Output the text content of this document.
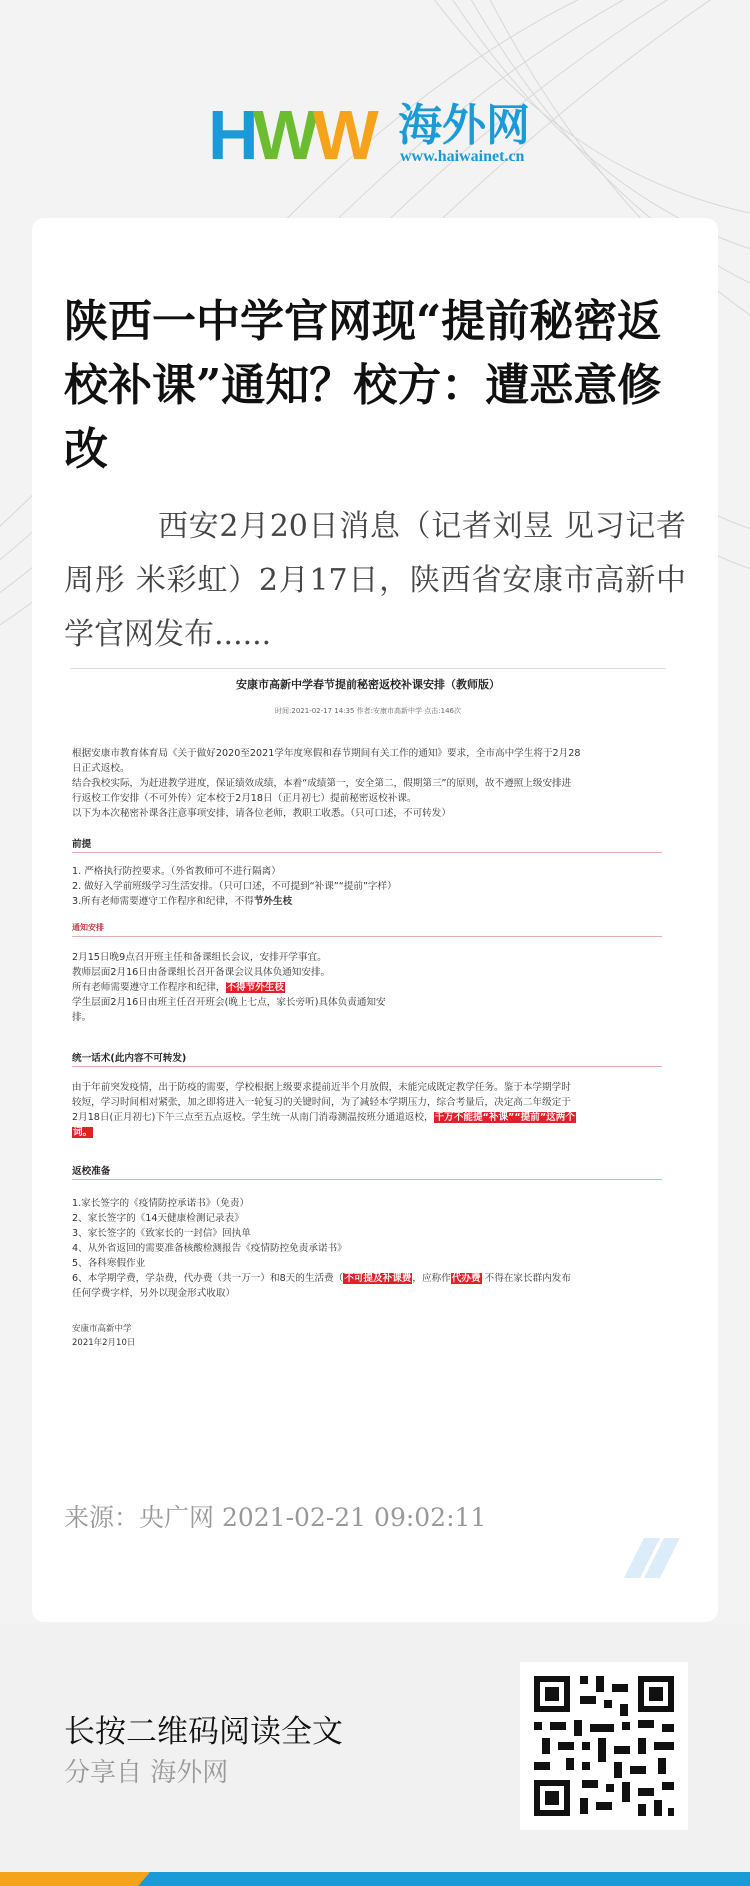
HWW 海外网
www.haiwainet.cn
陕西一中学官网现“提前秘密返校补课”通知？校方：遭恶意修改

西安2月20日消息（记者刘昱 见习记者周彤 米彩虹）2月17日，陕西省安康市高新中学官网发布......

安康市高新中学春节提前秘密返校补课安排（教师版）
时间:2021-02-17 14:35 作者:安康市高新中学 点击:146次
根据安康市教育体育局《关于做好2020至2021学年度寒假和春节期间有关工作的通知》要求，全市高中学生将于2月28
日正式返校。
结合我校实际，为赶进教学进度，保证绩效成绩，本着“成绩第一，安全第二，假期第三”的原则，故不遵照上级安排进
行返校工作安排（不可外传）定本校于2月18日（正月初七）提前秘密返校补课。
以下为本次秘密补课各注意事项安排，请各位老师，教职工收悉。（只可口述，不可转发）
前提
1. 严格执行防控要求。（外省教师可不进行隔离）
2. 做好入学前班级学习生活安排。（只可口述，不可提到“补课”“提前”字样）
3.所有老师需要遵守工作程序和纪律，不得节外生枝
通知安排
2月15日晚9点召开班主任和备课组长会议，安排开学事宜。
教师层面2月16日由备课组长召开备课会议具体负通知安排。
所有老师需要遵守工作程序和纪律，不得节外生枝
学生层面2月16日由班主任召开班会(晚上七点，家长旁听)具体负责通知安
排。
统一话术(此内容不可转发)
由于年前突发疫情，出于防疫的需要，学校根据上级要求提前近半个月放假，未能完成既定教学任务。鉴于本学期学时
较短，学习时间相对紧张，加之即将进入一轮复习的关键时间，为了减轻本学期压力，综合考量后，决定高二年级定于
2月18日(正月初七)下午三点至五点返校。学生统一从南门消毒测温按班分通道返校，千万不能提“补课”“提前”这两个
词。
返校准备
1.家长签字的《疫情防控承诺书》（免责）
2、家长签字的《14天健康检测记录表》
3、家长签字的《致家长的一封信》回执单
4、从外省返回的需要准备核酸检测报告《疫情防控免责承诺书》
5、各科寒假作业
6、本学期学费，学杂费，代办费（共一万一）和8天的生活费（不可提及补课费，应称作代办费 不得在家长群内发布
任何学费字样，另外以现金形式收取）
安康市高新中学
2021年2月10日
来源：央广网 2021-02-21 09:02:11
长按二维码阅读全文
分享自 海外网
